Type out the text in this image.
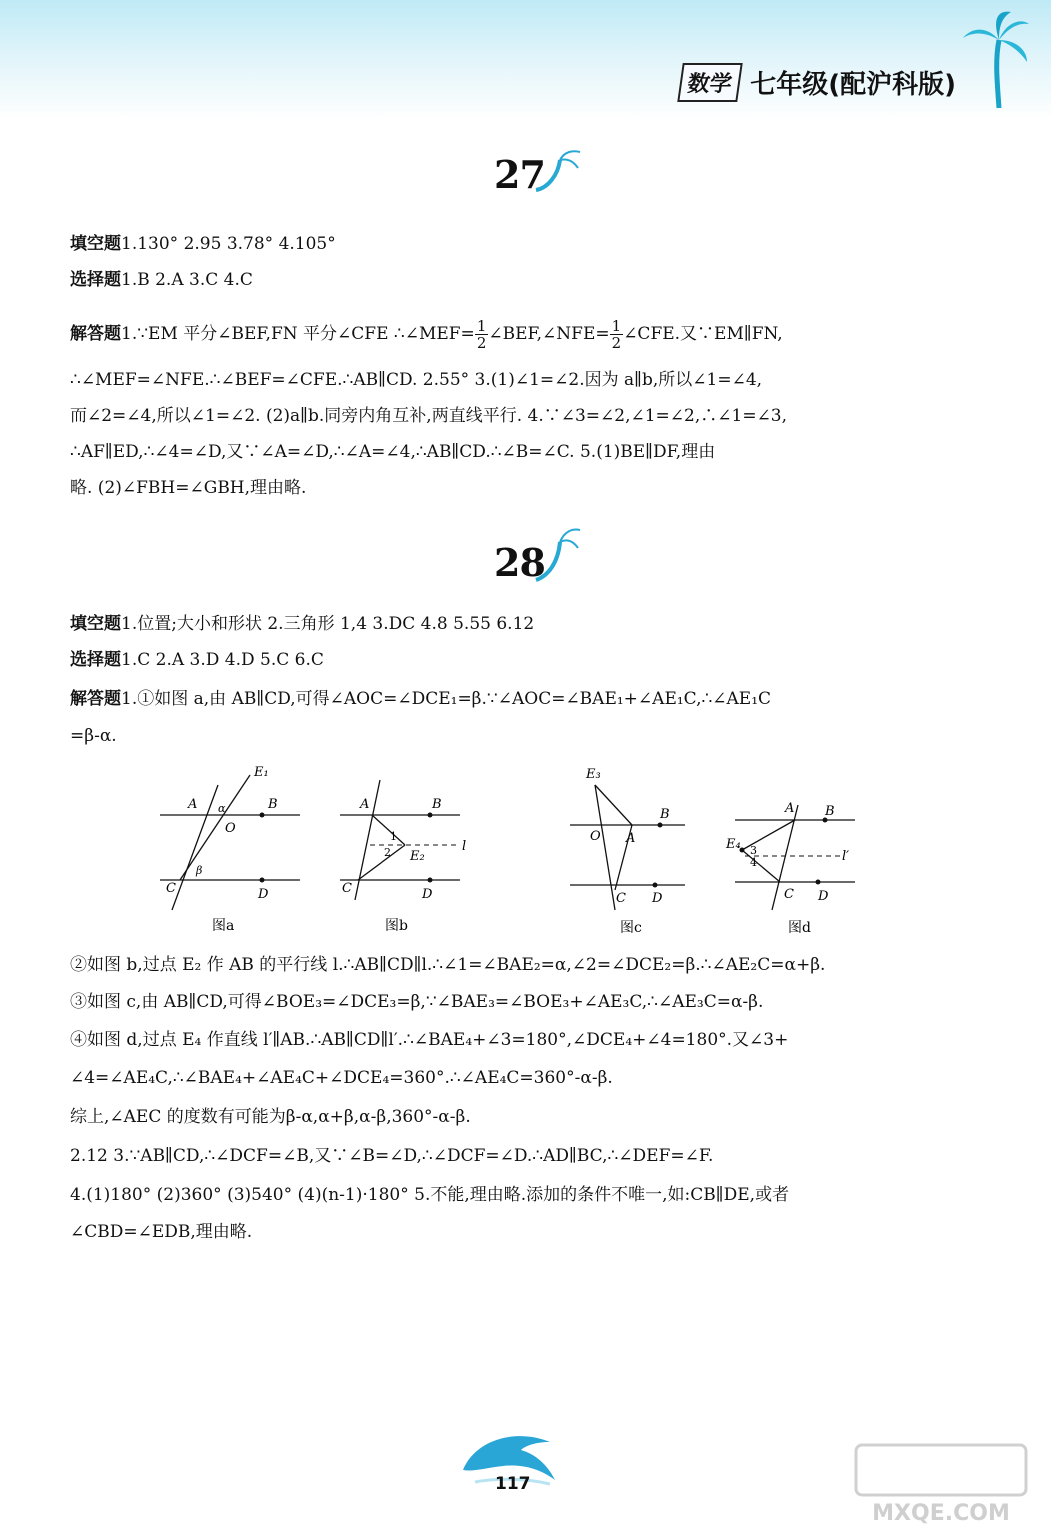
数学 七年级(配沪科版)
27
填空题1.130° 2.95 3.78° 4.105°
选择题1.B 2.A 3.C 4.C
解答题1.∵EM 平分∠BEF,FN 平分∠CFE ∴∠MEF= $\frac{1}{2}$ ∠BEF,∠NFE= $\frac{1}{2}$ ∠CFE.又∵EM∥FN,
∴∠MEF=∠NFE.∴∠BEF=∠CFE.∴AB∥CD. 2.55° 3.(1)∠1=∠2.因为 a∥b,所以∠1=∠4,
而∠2=∠4,所以∠1=∠2. (2)a∥b.同旁内角互补,两直线平行. 4.∵∠3=∠2,∠1=∠2,∴∠1=∠3,
∴AF∥ED,∴∠4=∠D,又∵∠A=∠D,∴∠A=∠4,∴AB∥CD.∴∠B=∠C. 5.(1)BE∥DF,理由
略. (2)∠FBH=∠GBH,理由略.
28
填空题1.位置;大小和形状 2.三角形 1,4 3.DC 4.8 5.55 6.12
选择题1.C 2.A 3.D 4.D 5.C 6.C
解答题1.①如图 a,由 AB∥CD,可得∠AOC=∠DCE₁=β.∵∠AOC=∠BAE₁+∠AE₁C,∴∠AE₁C
=β-α.
A	B
O
C	D
E₁
α
β
图a
A	B
C	D
E₂
l
1
2
图b
E₃
O A
B
C D
图c
A B
E₄ 3
4	l′
C D
图d
②如图 b,过点 E₂ 作 AB 的平行线 l.∴AB∥CD∥l.∴∠1=∠BAE₂=α,∠2=∠DCE₂=β.∴∠AE₂C=α+β.
③如图 c,由 AB∥CD,可得∠BOE₃=∠DCE₃=β,∵∠BAE₃=∠BOE₃+∠AE₃C,∴∠AE₃C=α-β.
④如图 d,过点 E₄ 作直线 l′∥AB.∴AB∥CD∥l′.∴∠BAE₄+∠3=180°,∠DCE₄+∠4=180°.又∠3+
∠4=∠AE₄C,∴∠BAE₄+∠AE₄C+∠DCE₄=360°.∴∠AE₄C=360°-α-β.
综上,∠AEC 的度数有可能为β-α,α+β,α-β,360°-α-β.
2.12 3.∵AB∥CD,∴∠DCF=∠B,又∵∠B=∠D,∴∠DCF=∠D.∴AD∥BC,∴∠DEF=∠F.
4.(1)180° (2)360° (3)540° (4)(n-1)·180° 5.不能,理由略.添加的条件不唯一,如:CB∥DE,或者
∠CBD=∠EDB,理由略.
117
MXQE.COM
